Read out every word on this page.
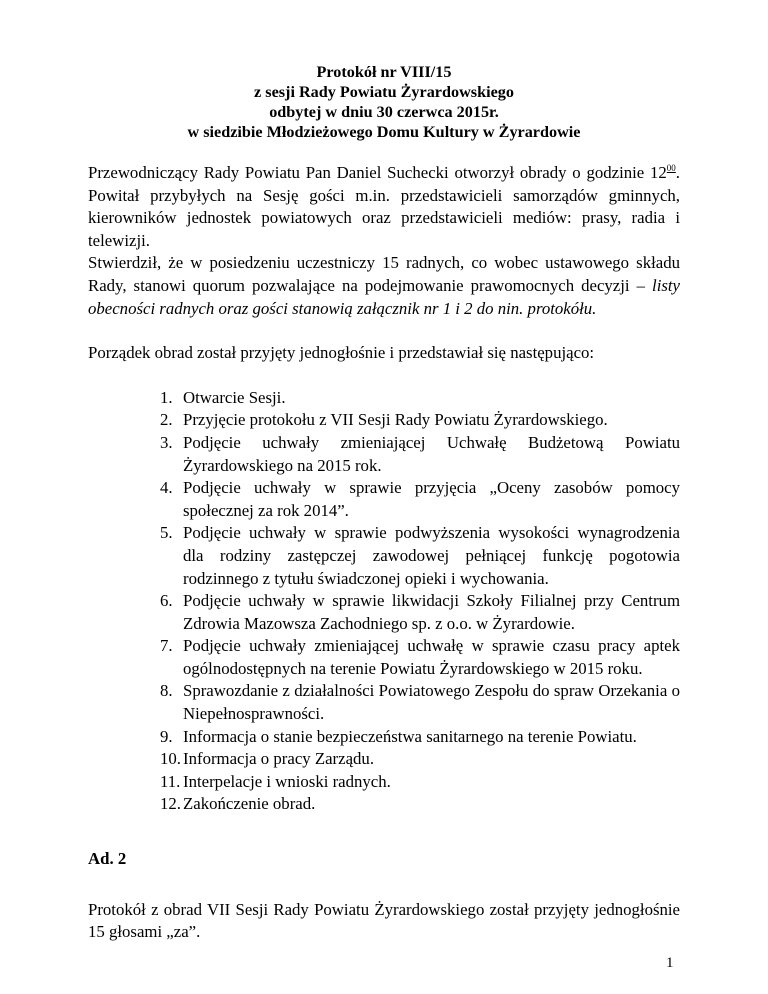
Protokół nr VIII/15
z sesji Rady Powiatu Żyrardowskiego
odbytej w dniu 30 czerwca 2015r.
w siedzibie Młodzieżowego Domu Kultury w Żyrardowie

Przewodniczący Rady Powiatu Pan Daniel Suchecki otworzył obrady o godzinie $12^{00}$. Powitał przybyłych na Sesję gości m.in. przedstawicieli samorządów gminnych, kierowników jednostek powiatowych oraz przedstawicieli mediów: prasy, radia i telewizji.

Stwierdził, że w posiedzeniu uczestniczy 15 radnych, co wobec ustawowego składu Rady, stanowi quorum pozwalające na podejmowanie prawomocnych decyzji – listy obecności radnych oraz gości stanowią załącznik nr 1 i 2 do nin. protokółu.

Porządek obrad został przyjęty jednogłośnie i przedstawiał się następująco:

1. Otwarcie Sesji.
2. Przyjęcie protokołu z VII Sesji Rady Powiatu Żyrardowskiego.
3. Podjęcie uchwały zmieniającej Uchwałę Budżetową Powiatu Żyrardowskiego na 2015 rok.
4. Podjęcie uchwały w sprawie przyjęcia „Oceny zasobów pomocy społecznej za rok 2014”.
5. Podjęcie uchwały w sprawie podwyższenia wysokości wynagrodzenia dla rodziny zastępczej zawodowej pełniącej funkcję pogotowia rodzinnego z tytułu świadczonej opieki i wychowania.
6. Podjęcie uchwały w sprawie likwidacji Szkoły Filialnej przy Centrum Zdrowia Mazowsza Zachodniego sp. z o.o. w Żyrardowie.
7. Podjęcie uchwały zmieniającej uchwałę w sprawie czasu pracy aptek ogólnodostępnych na terenie Powiatu Żyrardowskiego w 2015 roku.
8. Sprawozdanie z działalności Powiatowego Zespołu do spraw Orzekania o Niepełnosprawności.
9. Informacja o stanie bezpieczeństwa sanitarnego na terenie Powiatu.
10. Informacja o pracy Zarządu.
11. Interpelacje i wnioski radnych.
12. Zakończenie obrad.
Ad. 2

Protokół z obrad VII Sesji Rady Powiatu Żyrardowskiego został przyjęty jednogłośnie 15 głosami „za”.

1
